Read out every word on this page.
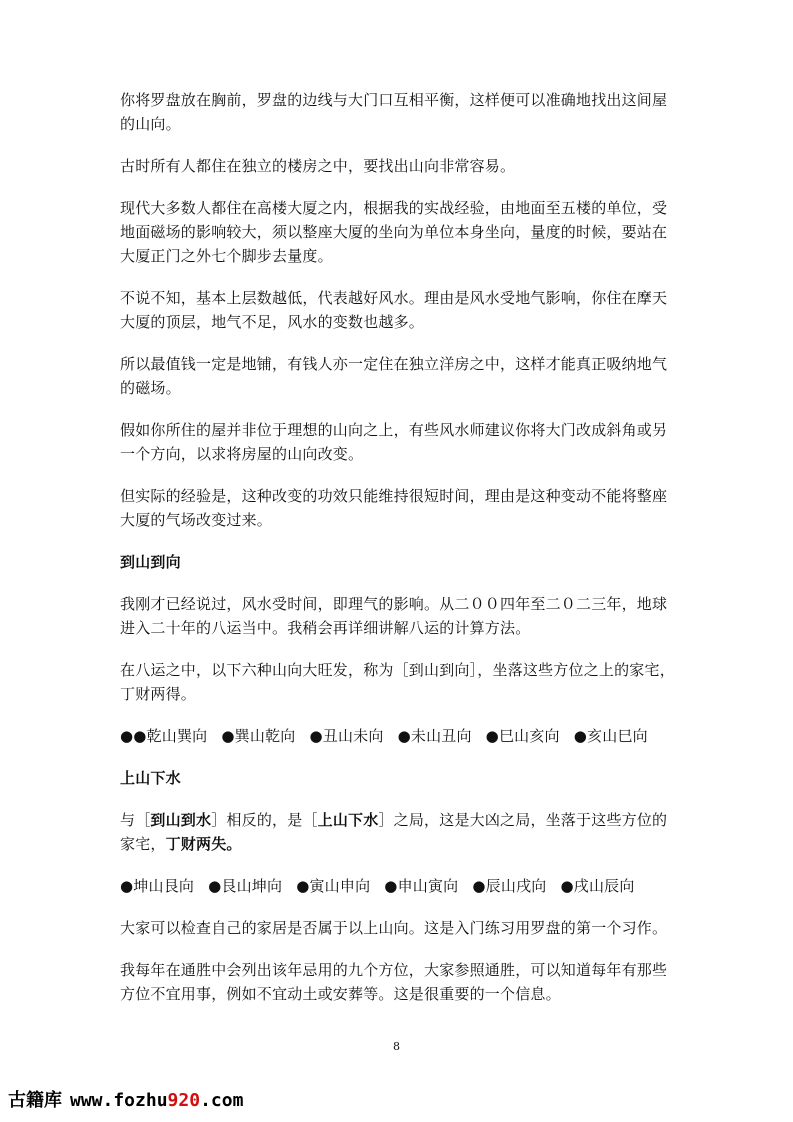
你将罗盘放在胸前，罗盘的边线与大门口互相平衡，这样便可以准确地找出这间屋的山向。

古时所有人都住在独立的楼房之中，要找出山向非常容易。

现代大多数人都住在高楼大厦之内，根据我的实战经验，由地面至五楼的单位，受地面磁场的影响较大，须以整座大厦的坐向为单位本身坐向，量度的时候，要站在大厦正门之外七个脚步去量度。

不说不知，基本上层数越低，代表越好风水。理由是风水受地气影响，你住在摩天大厦的顶层，地气不足，风水的变数也越多。

所以最值钱一定是地铺，有钱人亦一定住在独立洋房之中，这样才能真正吸纳地气的磁场。

假如你所住的屋并非位于理想的山向之上，有些风水师建议你将大门改成斜角或另一个方向，以求将房屋的山向改变。

但实际的经验是，这种改变的功效只能维持很短时间，理由是这种变动不能将整座大厦的气场改变过来。

到山到向

我刚才已经说过，风水受时间，即理气的影响。从二００四年至二０二三年，地球进入二十年的八运当中。我稍会再详细讲解八运的计算方法。

在八运之中，以下六种山向大旺发，称为［到山到向］，坐落这些方位之上的家宅，丁财两得。

●●乾山巽向 ●巽山乾向 ●丑山未向 ●未山丑向 ●巳山亥向 ●亥山巳向

上山下水

与［到山到水］相反的，是［上山下水］之局，这是大凶之局，坐落于这些方位的家宅，丁财两失。

●坤山艮向 ●艮山坤向 ●寅山申向 ●申山寅向 ●辰山戌向 ●戌山辰向

大家可以检查自己的家居是否属于以上山向。这是入门练习用罗盘的第一个习作。

我每年在通胜中会列出该年忌用的九个方位，大家参照通胜，可以知道每年有那些方位不宜用事，例如不宜动土或安葬等。这是很重要的一个信息。

8
古籍库 www.fozhu920.com
